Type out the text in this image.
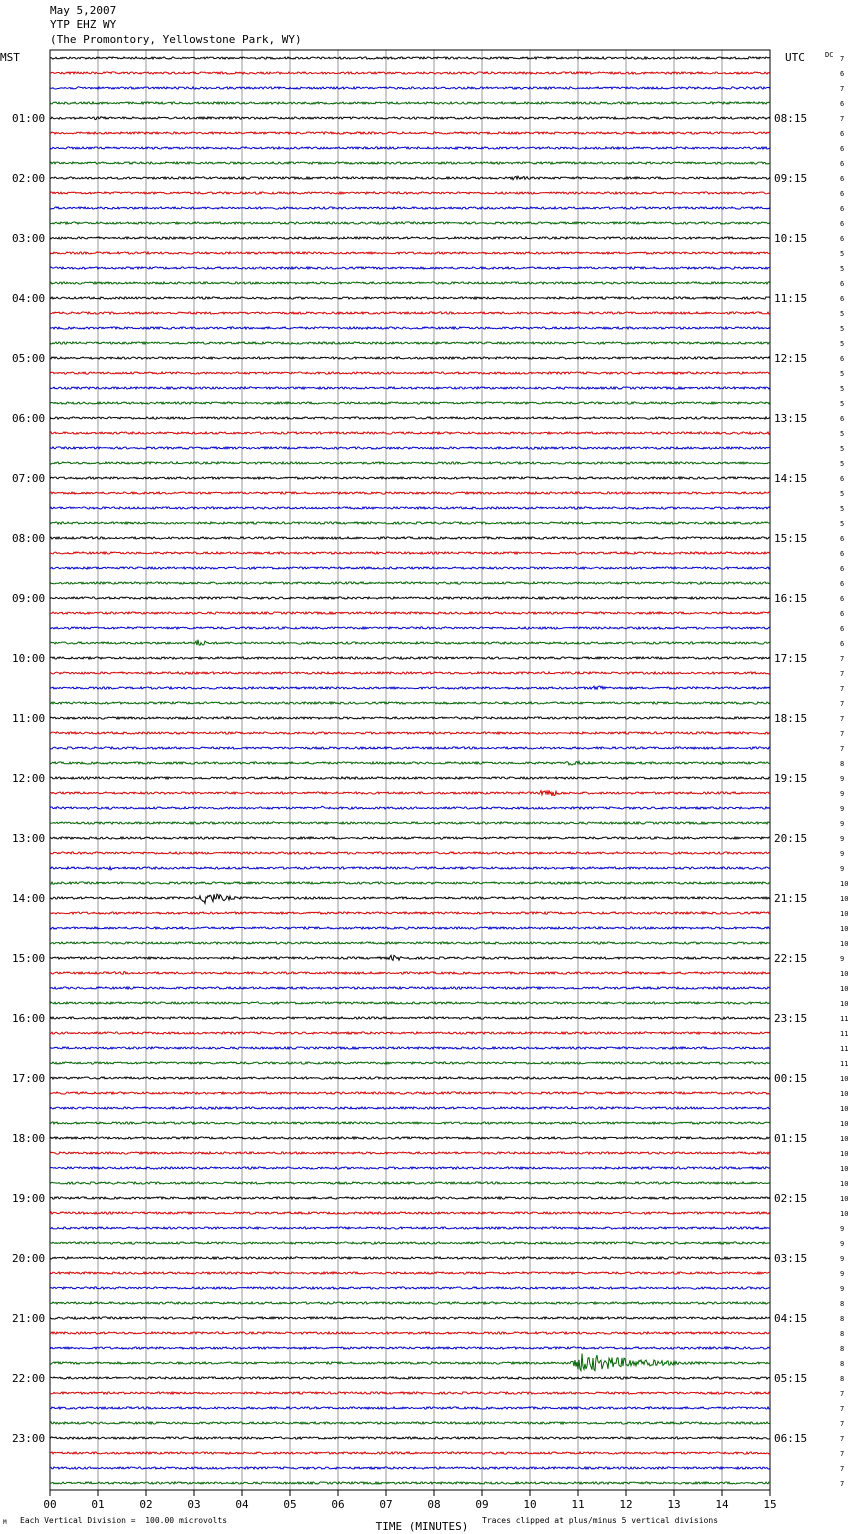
May 5,2007
YTP EHZ WY
(The Promontory, Yellowstone Park, WY)
MST	UTC	DC
01:00
02:00
03:00
04:00
05:00
06:00
07:00
08:00
09:00
10:00
11:00
12:00
13:00
14:00
15:00
16:00
17:00
18:00
19:00
20:00
21:00
22:00
23:00
08:15
09:15
10:15
11:15
12:15
13:15
14:15
15:15
16:15
17:15
18:15
19:15
20:15
21:15
22:15
23:15
00:15
01:15
02:15
03:15
04:15
05:15
06:15
7
6
7
6
7
6
6
6
6
6
6
6
6
5
5
6
6
5
5
5
6
5
5
5
6
5
5
5
6
5
5
5
6
6
6
6
6
6
6
6
7
7
7
7
7
7
7
8
9
9
9
9
9
9
9
10
10
10
10
10
9
10
10
10
11
11
11
11
10
10
10
10
10
10
10
10
10
10
9
9
9
9
9
8
8
8
8
8
8
7
7
7
7
7
7
7
00	01	02	03	04	05	06	07	08	09	10	11	12	13	14	15
TIME (MINUTES)
M Each Vertical Division =  100.00 microvolts	Traces clipped at plus/minus 5 vertical divisions
